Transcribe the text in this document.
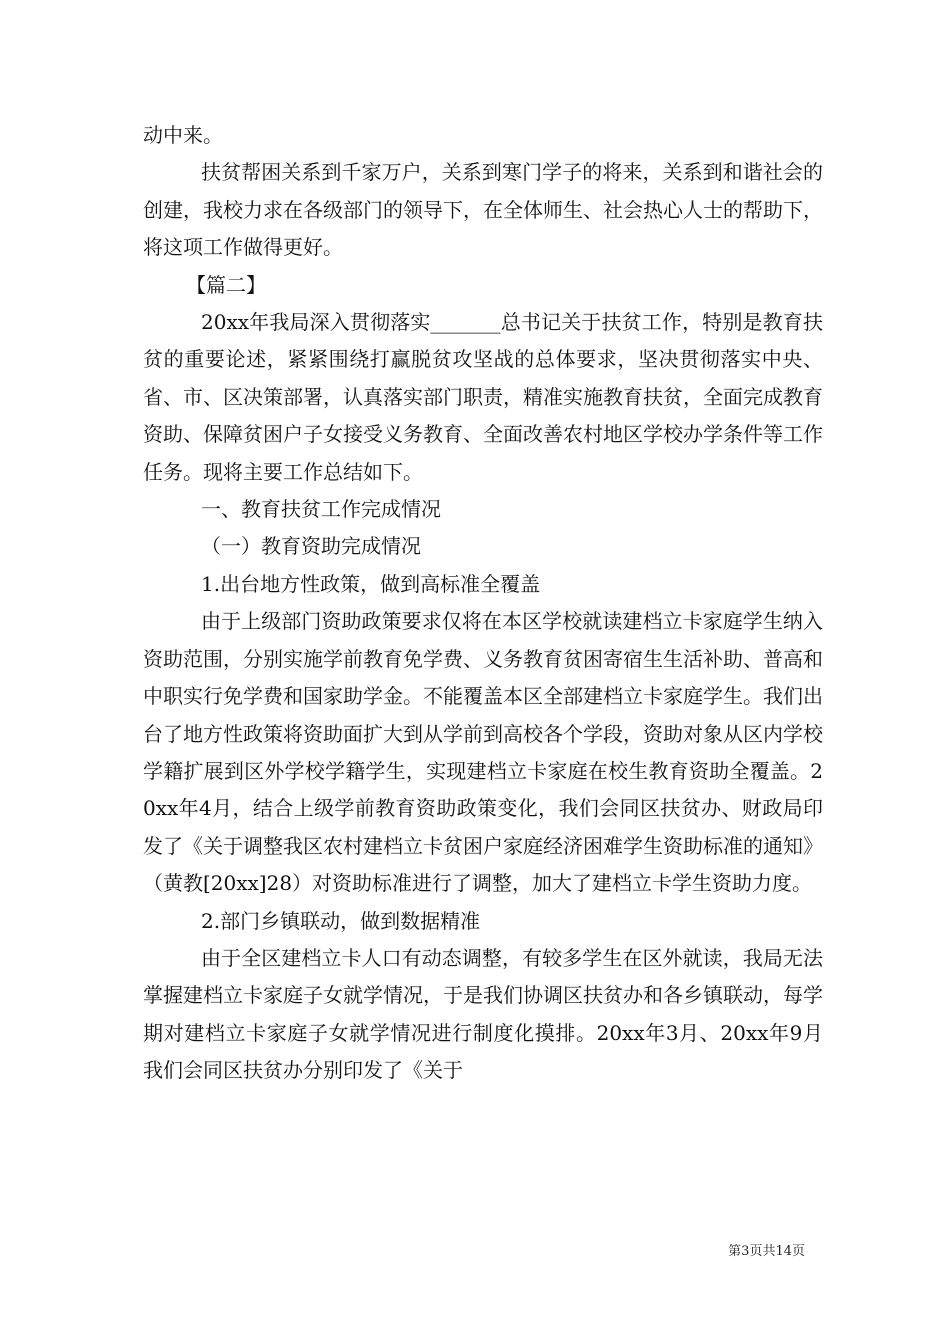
动中来。

扶贫帮困关系到千家万户，关系到寒门学子的将来，关系到和谐社会的创建，我校力求在各级部门的领导下，在全体师生、社会热心人士的帮助下，将这项工作做得更好。

【篇二】

20xx年我局深入贯彻落实_______总书记关于扶贫工作，特别是教育扶贫的重要论述，紧紧围绕打赢脱贫攻坚战的总体要求，坚决贯彻落实中央、省、市、区决策部署，认真落实部门职责，精准实施教育扶贫，全面完成教育资助、保障贫困户子女接受义务教育、全面改善农村地区学校办学条件等工作任务。现将主要工作总结如下。

一、教育扶贫工作完成情况

（一）教育资助完成情况

1.出台地方性政策，做到高标准全覆盖

由于上级部门资助政策要求仅将在本区学校就读建档立卡家庭学生纳入资助范围，分别实施学前教育免学费、义务教育贫困寄宿生生活补助、普高和中职实行免学费和国家助学金。不能覆盖本区全部建档立卡家庭学生。我们出台了地方性政策将资助面扩大到从学前到高校各个学段，资助对象从区内学校学籍扩展到区外学校学籍学生，实现建档立卡家庭在校生教育资助全覆盖。20xx年4月，结合上级学前教育资助政策变化，我们会同区扶贫办、财政局印发了《关于调整我区农村建档立卡贫困户家庭经济困难学生资助标准的通知》（黄教[20xx]28）对资助标准进行了调整，加大了建档立卡学生资助力度。

2.部门乡镇联动，做到数据精准

由于全区建档立卡人口有动态调整，有较多学生在区外就读，我局无法掌握建档立卡家庭子女就学情况，于是我们协调区扶贫办和各乡镇联动，每学期对建档立卡家庭子女就学情况进行制度化摸排。20xx年3月、20xx年9月我们会同区扶贫办分别印发了《关于

第3页共14页
